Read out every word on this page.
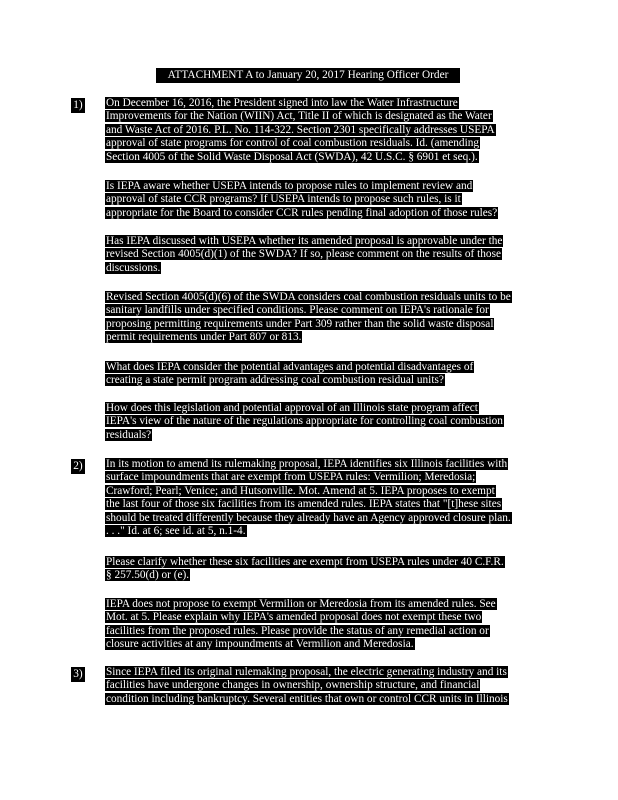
ATTACHMENT A to January 20, 2017 Hearing Officer Order
1) On December 16, 2016, the President signed into law the Water Infrastructure
Improvements for the Nation (WIIN) Act, Title II of which is designated as the Water
and Waste Act of 2016. P.L. No. 114-322. Section 2301 specifically addresses USEPA
approval of state programs for control of coal combustion residuals. Id. (amending
Section 4005 of the Solid Waste Disposal Act (SWDA), 42 U.S.C. § 6901 et seq.).
Is IEPA aware whether USEPA intends to propose rules to implement review and
approval of state CCR programs? If USEPA intends to propose such rules, is it
appropriate for the Board to consider CCR rules pending final adoption of those rules?
Has IEPA discussed with USEPA whether its amended proposal is approvable under the
revised Section 4005(d)(1) of the SWDA? If so, please comment on the results of those
discussions.
Revised Section 4005(d)(6) of the SWDA considers coal combustion residuals units to be
sanitary landfills under specified conditions. Please comment on IEPA's rationale for
proposing permitting requirements under Part 309 rather than the solid waste disposal
permit requirements under Part 807 or 813.
What does IEPA consider the potential advantages and potential disadvantages of
creating a state permit program addressing coal combustion residual units?
How does this legislation and potential approval of an Illinois state program affect
IEPA's view of the nature of the regulations appropriate for controlling coal combustion
residuals?
2) In its motion to amend its rulemaking proposal, IEPA identifies six Illinois facilities with
surface impoundments that are exempt from USEPA rules: Vermilion; Meredosia;
Crawford; Pearl; Venice; and Hutsonville. Mot. Amend at 5. IEPA proposes to exempt
the last four of those six facilities from its amended rules. IEPA states that "[t]hese sites
should be treated differently because they already have an Agency approved closure plan.
. . ." Id. at 6; see id. at 5, n.1-4.
Please clarify whether these six facilities are exempt from USEPA rules under 40 C.F.R.
§ 257.50(d) or (e).
IEPA does not propose to exempt Vermilion or Meredosia from its amended rules. See
Mot. at 5. Please explain why IEPA's amended proposal does not exempt these two
facilities from the proposed rules. Please provide the status of any remedial action or
closure activities at any impoundments at Vermilion and Meredosia.
3) Since IEPA filed its original rulemaking proposal, the electric generating industry and its
facilities have undergone changes in ownership, ownership structure, and financial
condition including bankruptcy. Several entities that own or control CCR units in Illinois
